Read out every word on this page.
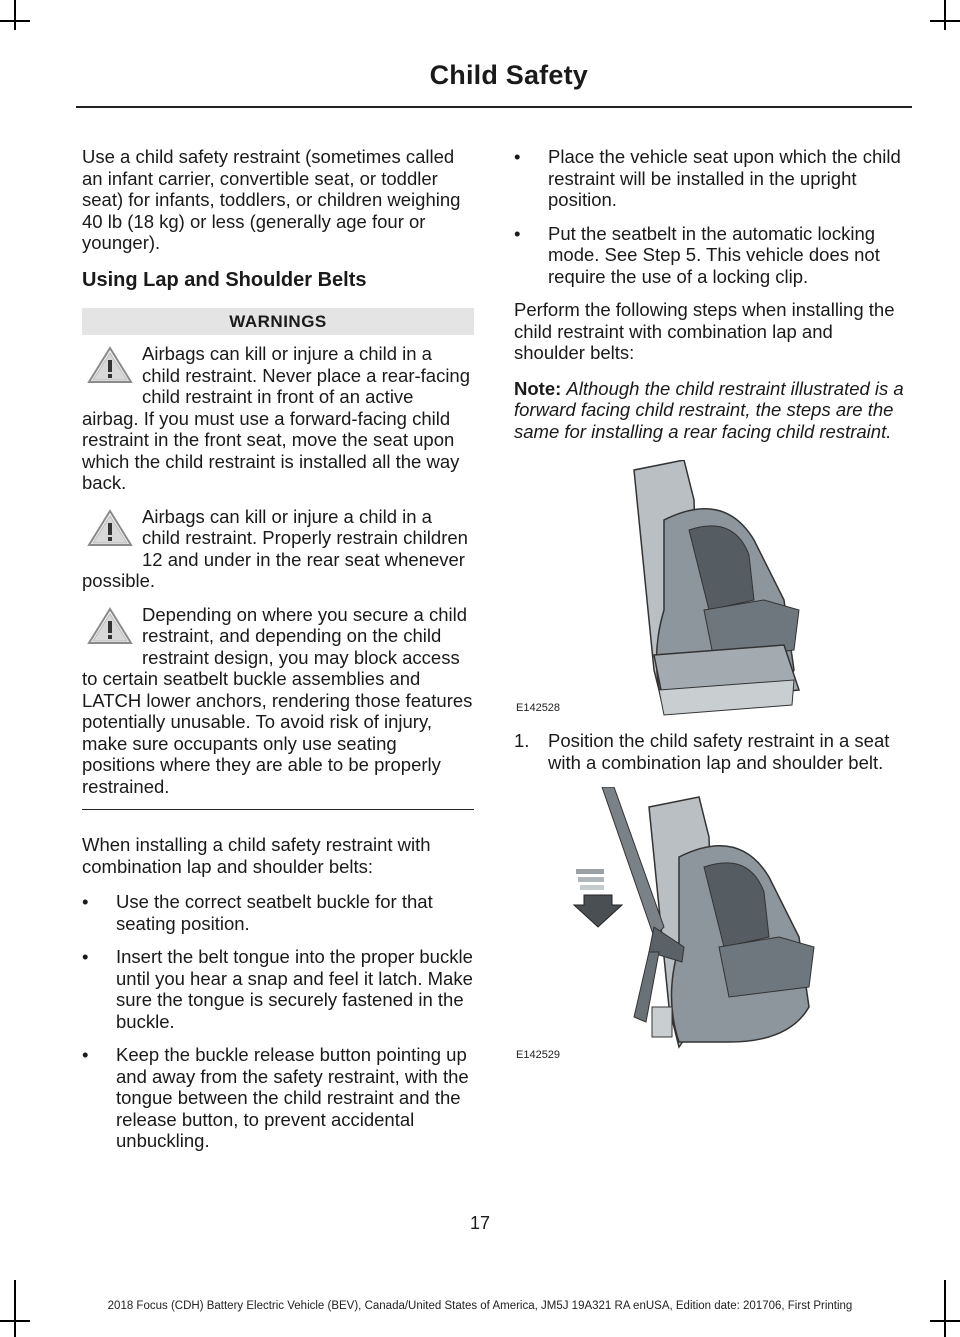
Child Safety

Use a child safety restraint (sometimes called an infant carrier, convertible seat, or toddler seat) for infants, toddlers, or children weighing 40 lb (18 kg) or less (generally age four or younger).

Using Lap and Shoulder Belts
WARNINGS
Airbags can kill or injure a child in a child restraint. Never place a rear-facing child restraint in front of an active airbag. If you must use a forward-facing child restraint in the front seat, move the seat upon which the child restraint is installed all the way back.
Airbags can kill or injure a child in a child restraint. Properly restrain children 12 and under in the rear seat whenever possible.
Depending on where you secure a child restraint, and depending on the child restraint design, you may block access to certain seatbelt buckle assemblies and LATCH lower anchors, rendering those features potentially unusable. To avoid risk of injury, make sure occupants only use seating positions where they are able to be properly restrained.

When installing a child safety restraint with combination lap and shoulder belts:

• Use the correct seatbelt buckle for that seating position.
• Insert the belt tongue into the proper buckle until you hear a snap and feel it latch. Make sure the tongue is securely fastened in the buckle.
• Keep the buckle release button pointing up and away from the safety restraint, with the tongue between the child restraint and the release button, to prevent accidental unbuckling.
• Place the vehicle seat upon which the child restraint will be installed in the upright position.
• Put the seatbelt in the automatic locking mode. See Step 5. This vehicle does not require the use of a locking clip.

Perform the following steps when installing the child restraint with combination lap and shoulder belts:

Note: Although the child restraint illustrated is a forward facing child restraint, the steps are the same for installing a rear facing child restraint.

E142528
1. Position the child safety restraint in a seat with a combination lap and shoulder belt.
E142529
17
2018 Focus (CDH) Battery Electric Vehicle (BEV), Canada/United States of America, JM5J 19A321 RA enUSA, Edition date: 201706, First Printing
